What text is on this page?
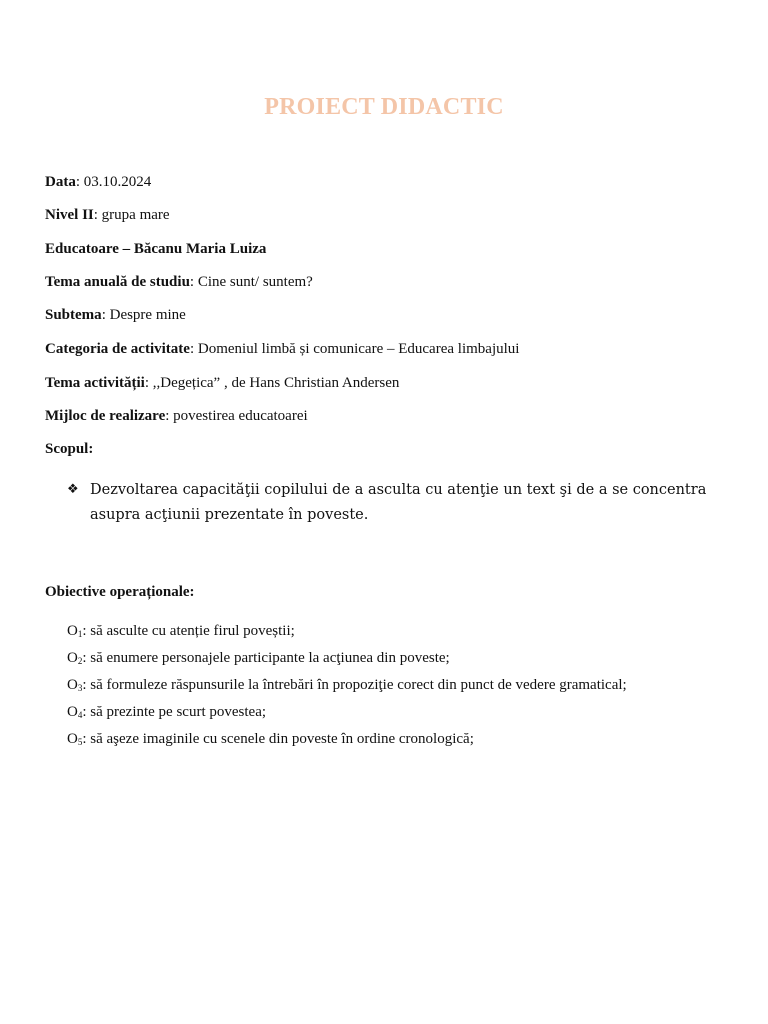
PROIECT DIDACTIC
Data: 03.10.2024
Nivel II: grupa mare
Educatoare – Băcanu Maria Luiza
Tema anuală de studiu: Cine sunt/ suntem?
Subtema: Despre mine
Categoria de activitate: Domeniul limbă și comunicare – Educarea limbajului
Tema activității: ,,Degețica” , de Hans Christian Andersen
Mijloc de realizare: povestirea educatoarei
Scopul:
❖ Dezvoltarea capacităţii copilului de a asculta cu atenţie un text şi de a se concentra
asupra acţiunii prezentate în poveste.
Obiective operaționale:
$O_1$: să asculte cu atenție firul poveștii;
$O_2$: să enumere personajele participante la acţiunea din poveste;
$O_3$: să formuleze răspunsurile la întrebări în propoziţie corect din punct de vedere gramatical;
$O_4$: să prezinte pe scurt povestea;
$O_5$: să aşeze imaginile cu scenele din poveste în ordine cronologică;
